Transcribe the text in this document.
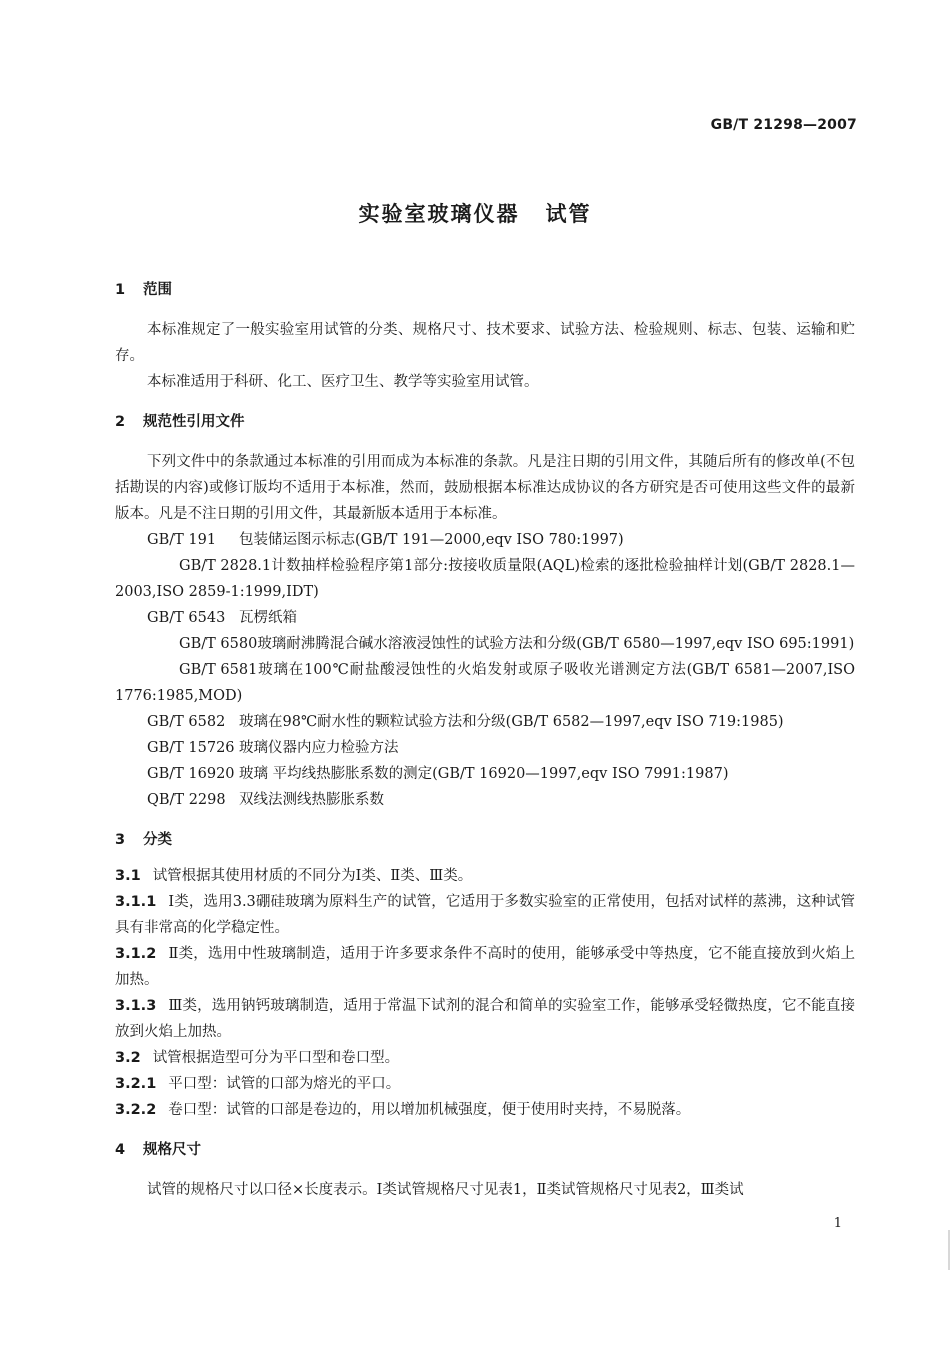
GB/T 21298—2007
实验室玻璃仪器 试管
1 范围
本标准规定了一般实验室用试管的分类、规格尺寸、技术要求、试验方法、检验规则、标志、包装、运输和贮存。
本标准适用于科研、化工、医疗卫生、教学等实验室用试管。
2 规范性引用文件
下列文件中的条款通过本标准的引用而成为本标准的条款。凡是注日期的引用文件，其随后所有的修改单(不包括勘误的内容)或修订版均不适用于本标准，然而，鼓励根据本标准达成协议的各方研究是否可使用这些文件的最新版本。凡是不注日期的引用文件，其最新版本适用于本标准。
GB/T 191 包装储运图示标志(GB/T 191—2000,eqv ISO 780:1997)
GB/T 2828.1计数抽样检验程序第1部分:按接收质量限(AQL)检索的逐批检验抽样计划(GB/T 2828.1—2003,ISO 2859-1:1999,IDT)
GB/T 6543 瓦楞纸箱
GB/T 6580玻璃耐沸腾混合碱水溶液浸蚀性的试验方法和分级(GB/T 6580—1997,eqv ISO 695:1991)
GB/T 6581玻璃在100℃耐盐酸浸蚀性的火焰发射或原子吸收光谱测定方法(GB/T 6581—2007,ISO 1776:1985,MOD)
GB/T 6582 玻璃在98℃耐水性的颗粒试验方法和分级(GB/T 6582—1997,eqv ISO 719:1985)
GB/T 15726 玻璃仪器内应力检验方法
GB/T 16920 玻璃 平均线热膨胀系数的测定(GB/T 16920—1997,eqv ISO 7991:1987)
QB/T 2298 双线法测线热膨胀系数
3 分类
3.1 试管根据其使用材质的不同分为Ⅰ类、Ⅱ类、Ⅲ类。
3.1.1 Ⅰ类，选用3.3硼硅玻璃为原料生产的试管，它适用于多数实验室的正常使用，包括对试样的蒸沸，这种试管具有非常高的化学稳定性。
3.1.2 Ⅱ类，选用中性玻璃制造，适用于许多要求条件不高时的使用，能够承受中等热度，它不能直接放到火焰上加热。
3.1.3 Ⅲ类，选用钠钙玻璃制造，适用于常温下试剂的混合和简单的实验室工作，能够承受轻微热度，它不能直接放到火焰上加热。
3.2 试管根据造型可分为平口型和卷口型。
3.2.1 平口型：试管的口部为熔光的平口。
3.2.2 卷口型：试管的口部是卷边的，用以增加机械强度，便于使用时夹持，不易脱落。
4 规格尺寸
试管的规格尺寸以口径×长度表示。Ⅰ类试管规格尺寸见表1，Ⅱ类试管规格尺寸见表2，Ⅲ类试
1
